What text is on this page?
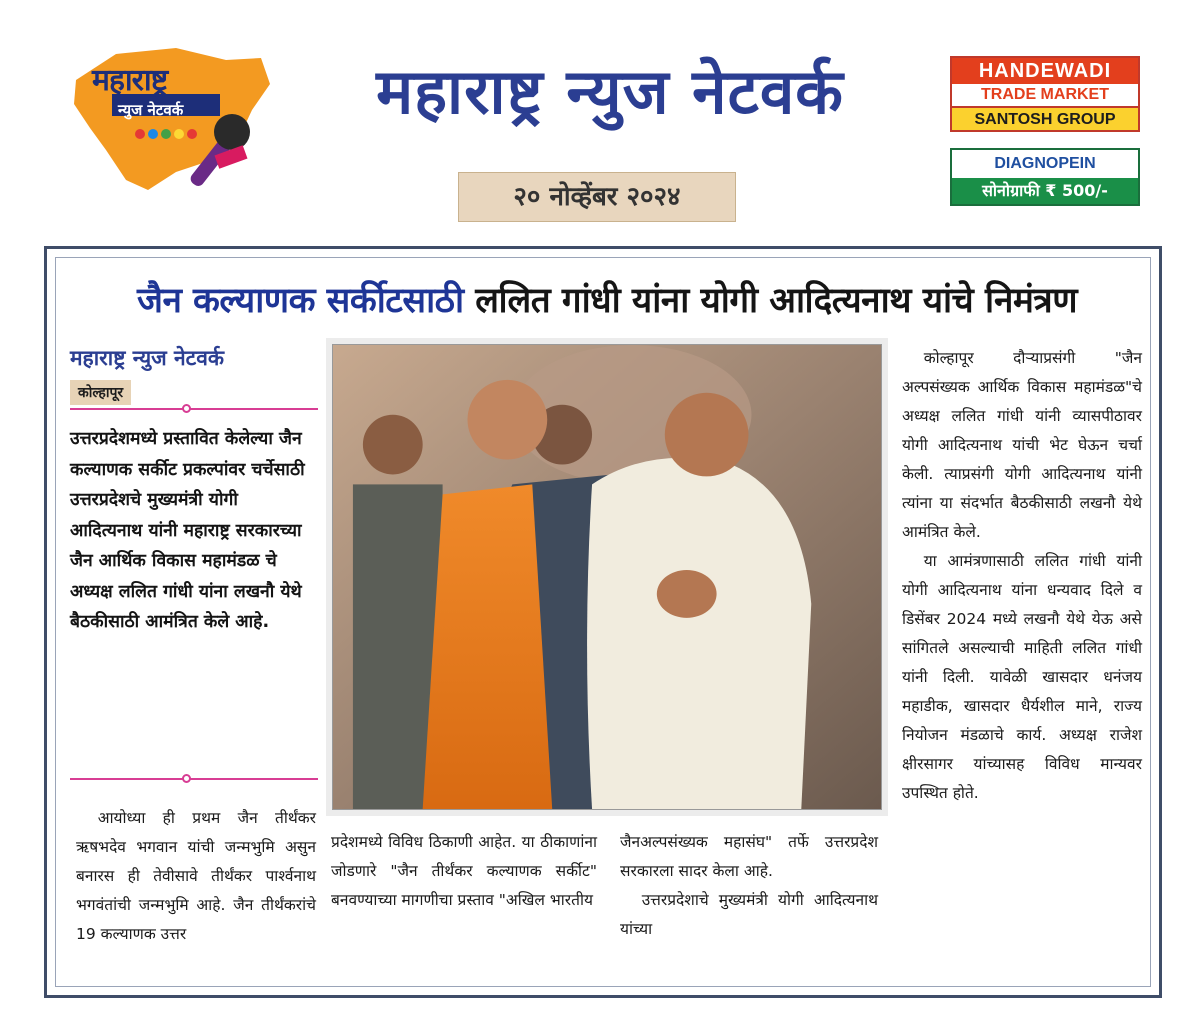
महाराष्ट्र
न्युज नेटवर्क	महाराष्ट्र न्युज नेटवर्क
२० नोव्हेंबर २०२४
HANDEWADI
TRADE MARKET
SANTOSH GROUP
DIAGNOPEIN
सोनोग्राफी ₹ 500/-
जैन कल्याणक सर्कीटसाठी ललित गांधी यांना योगी आदित्यनाथ यांचे निमंत्रण
महाराष्ट्र न्युज नेटवर्क
कोल्हापूर
उत्तरप्रदेशमध्ये प्रस्तावित केलेल्या जैन कल्याणक सर्कीट प्रकल्पांवर चर्चेसाठी उत्तरप्रदेशचे मुख्यमंत्री योगी आदित्यनाथ यांनी महाराष्ट्र सरकारच्या जैन आर्थिक विकास महामंडळ चे अध्यक्ष ललित गांधी यांना लखनौ येथे बैठकीसाठी आमंत्रित केले आहे.

आयोध्या ही प्रथम जैन तीर्थंकर ऋषभदेव भगवान यांची जन्मभुमि असुन बनारस ही तेवीसावे तीर्थंकर पार्श्वनाथ भगवंतांची जन्मभुमि आहे. जैन तीर्थंकरांचे 19 कल्याणक उत्तर

प्रदेशमध्ये विविध ठिकाणी आहेत. या ठीकाणांना जोडणारे "जैन तीर्थंकर कल्याणक सर्कीट" बनवण्याच्या मागणीचा प्रस्ताव "अखिल भारतीय

जैनअल्पसंख्यक महासंघ" तर्फे उत्तरप्रदेश सरकारला सादर केला आहे.

उत्तरप्रदेशाचे मुख्यमंत्री योगी आदित्यनाथ यांच्या

कोल्हापूर दौऱ्याप्रसंगी "जैन अल्पसंख्यक आर्थिक विकास महामंडळ"चे अध्यक्ष ललित गांधी यांनी व्यासपीठावर योगी आदित्यनाथ यांची भेट घेऊन चर्चा केली. त्याप्रसंगी योगी आदित्यनाथ यांनी त्यांना या संदर्भात बैठकीसाठी लखनौ येथे आमंत्रित केले.

या आमंत्रणासाठी ललित गांधी यांनी योगी आदित्यनाथ यांना धन्यवाद दिले व डिसेंबर 2024 मध्ये लखनौ येथे येऊ असे सांगितले असल्याची माहिती ललित गांधी यांनी दिली. यावेळी खासदार धनंजय महाडीक, खासदार धैर्यशील माने, राज्य नियोजन मंडळाचे कार्य. अध्यक्ष राजेश क्षीरसागर यांच्यासह विविध मान्यवर उपस्थित होते.
